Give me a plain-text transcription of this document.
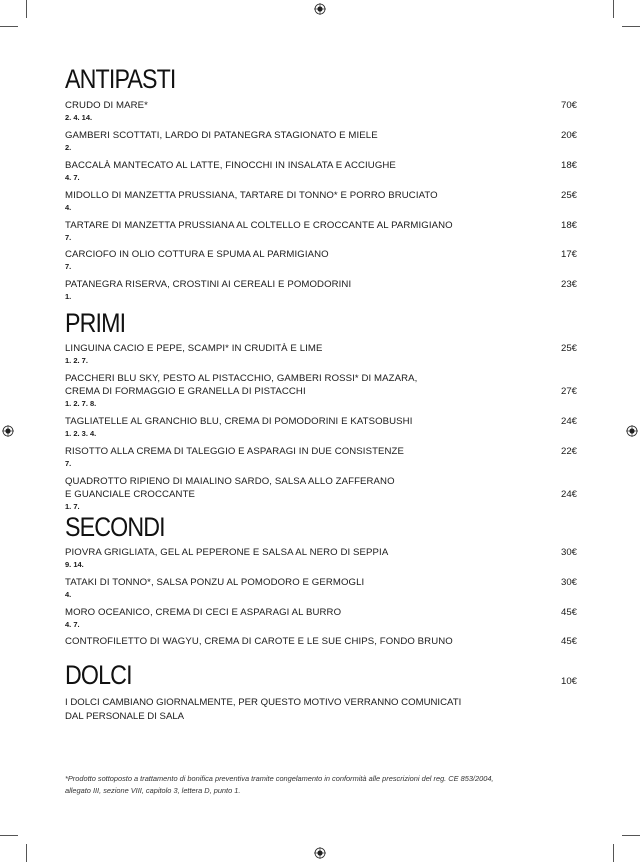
ANTIPASTI
CRUDO DI MARE*
2. 4. 14.
70€
GAMBERI SCOTTATI, LARDO DI PATANEGRA STAGIONATO E MIELE
2.
20€
BACCALÀ MANTECATO AL LATTE, FINOCCHI IN INSALATA E ACCIUGHE
4. 7.
18€
MIDOLLO DI MANZETTA PRUSSIANA, TARTARE DI TONNO* E PORRO BRUCIATO
4.
25€
TARTARE DI MANZETTA PRUSSIANA AL COLTELLO E CROCCANTE AL PARMIGIANO
7.
18€
CARCIOFO IN OLIO COTTURA E SPUMA AL PARMIGIANO
7.
17€
PATANEGRA RISERVA, CROSTINI AI CEREALI E POMODORINI
1.
23€
PRIMI
LINGUINA CACIO E PEPE, SCAMPI* IN CRUDITÀ E LIME
1. 2. 7.
25€
PACCHERI BLU SKY, PESTO AL PISTACCHIO, GAMBERI ROSSI* DI MAZARA,
CREMA DI FORMAGGIO E GRANELLA DI PISTACCHI
1. 2. 7. 8.
27€
TAGLIATELLE AL GRANCHIO BLU, CREMA DI POMODORINI E KATSOBUSHI
1. 2. 3. 4.
24€
RISOTTO ALLA CREMA DI TALEGGIO E ASPARAGI IN DUE CONSISTENZE
7.
22€
QUADROTTO RIPIENO DI MAIALINO SARDO, SALSA ALLO ZAFFERANO
E GUANCIALE CROCCANTE
1. 7.
24€
SECONDI
PIOVRA GRIGLIATA, GEL AL PEPERONE E SALSA AL NERO DI SEPPIA
9. 14.
30€
TATAKI DI TONNO*, SALSA PONZU AL POMODORO E GERMOGLI
4.
30€
MORO OCEANICO, CREMA DI CECI E ASPARAGI AL BURRO
4. 7.
45€
CONTROFILETTO DI WAGYU, CREMA DI CAROTE E LE SUE CHIPS, FONDO BRUNO	45€
DOLCI	10€
I DOLCI CAMBIANO GIORNALMENTE, PER QUESTO MOTIVO VERRANNO COMUNICATI
DAL PERSONALE DI SALA
*Prodotto sottoposto a trattamento di bonifica preventiva tramite congelamento in conformità alle prescrizioni del reg. CE 853/2004,
allegato III, sezione VIII, capitolo 3, lettera D, punto 1.
